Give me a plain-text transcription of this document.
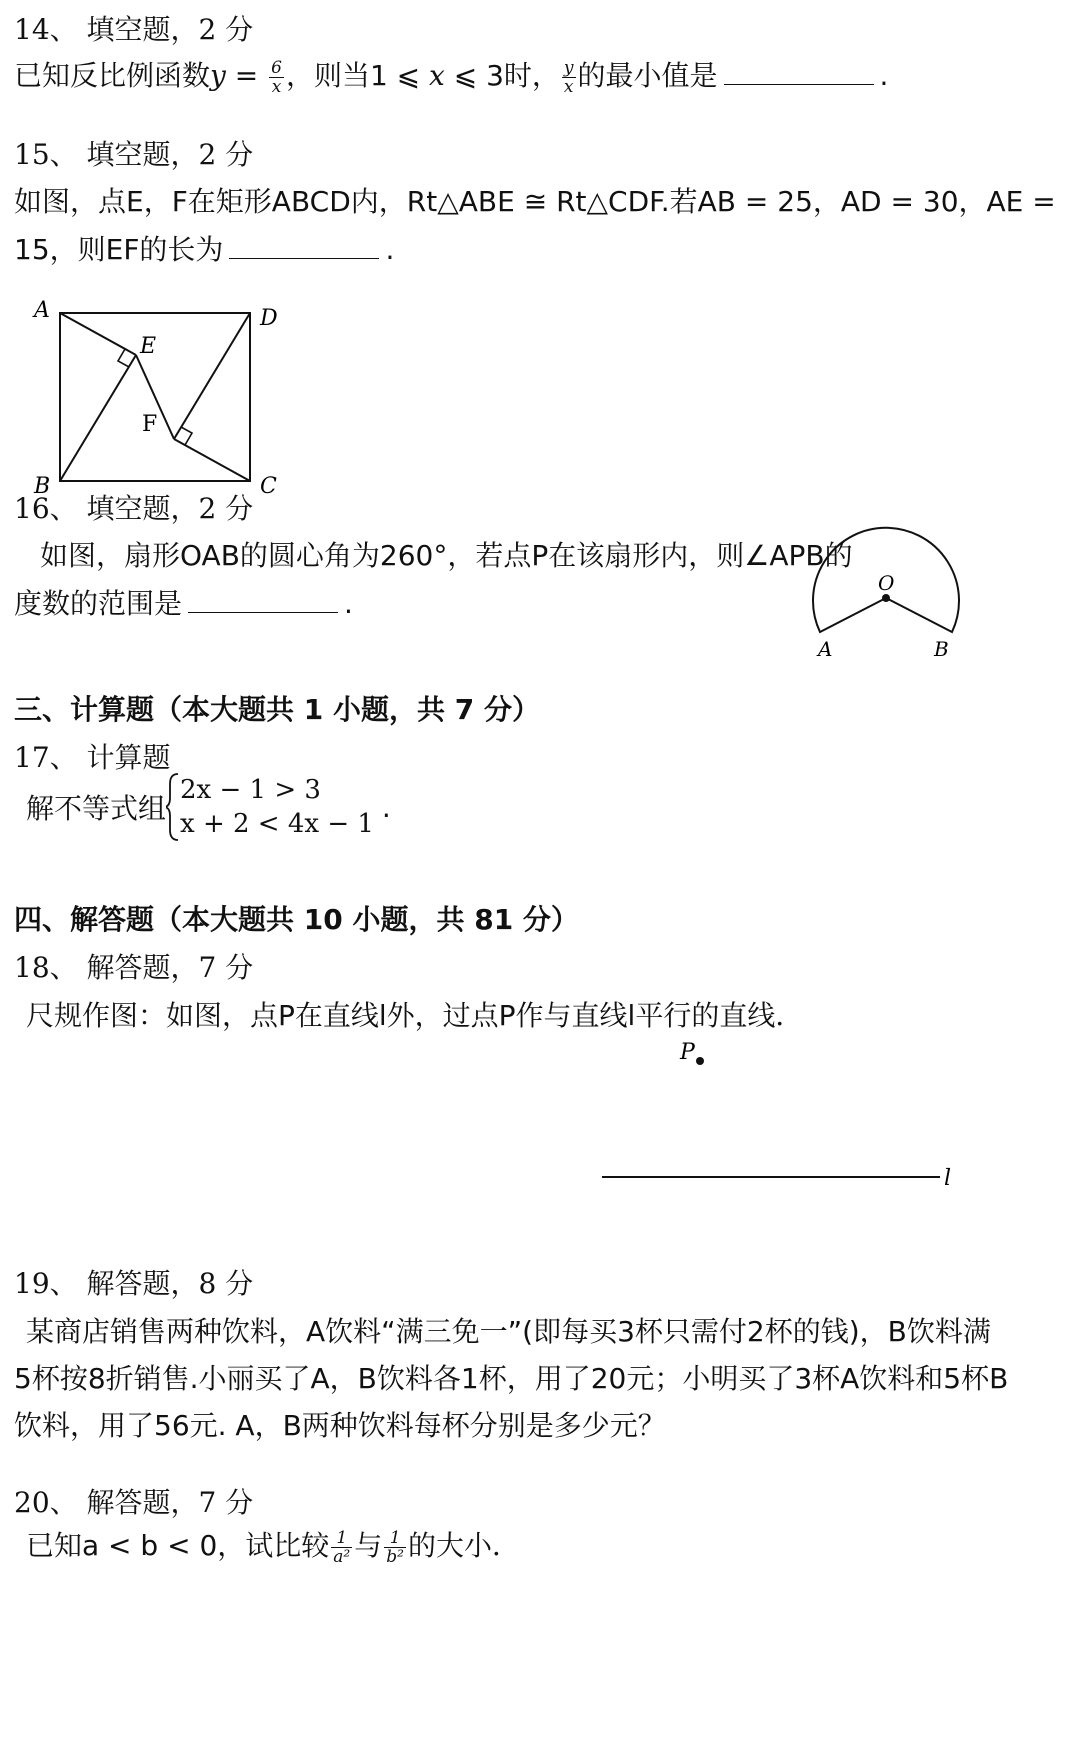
14、 填空题，2 分
已知反比例函数$y = \frac{6}{x}$ ，则当1 ⩽ x ⩽ 3时， $\frac{y}{x}$ 的最小值是	.
15、 填空题，2 分
如图，点E，F在矩形ABCD内，Rt△ABE ≅ Rt△CDF.若AB = 25，AD = 30，AE =
15，则EF的长为	.
A
B	C
D
E
F
16、 填空题，2 分
如图，扇形OAB的圆心角为260°，若点P在该扇形内，则∠APB的
度数的范围是	.
O
A	B
三、计算题（本大题共 1 小题，共 7 分）
17、 计算题
解不等式组
2x − 1 > 3
x + 2 < 4x − 1
.
四、解答题（本大题共 10 小题，共 81 分）
18、 解答题，7 分
尺规作图：如图，点P在直线l外，过点P作与直线l平行的直线．
P
l
19、 解答题，8 分
某商店销售两种饮料，A饮料“满三免一”(即每买3杯只需付2杯的钱)，B饮料满
5杯按8折销售.小丽买了A，B饮料各1杯，用了20元；小明买了3杯A饮料和5杯B
饮料，用了56元. A，B两种饮料每杯分别是多少元？
20、 解答题，7 分
已知a < b < 0，试比较 $\frac{1}{\text{a²}}$ 与 $\frac{1}{\text{b²}}$ 的大小．
